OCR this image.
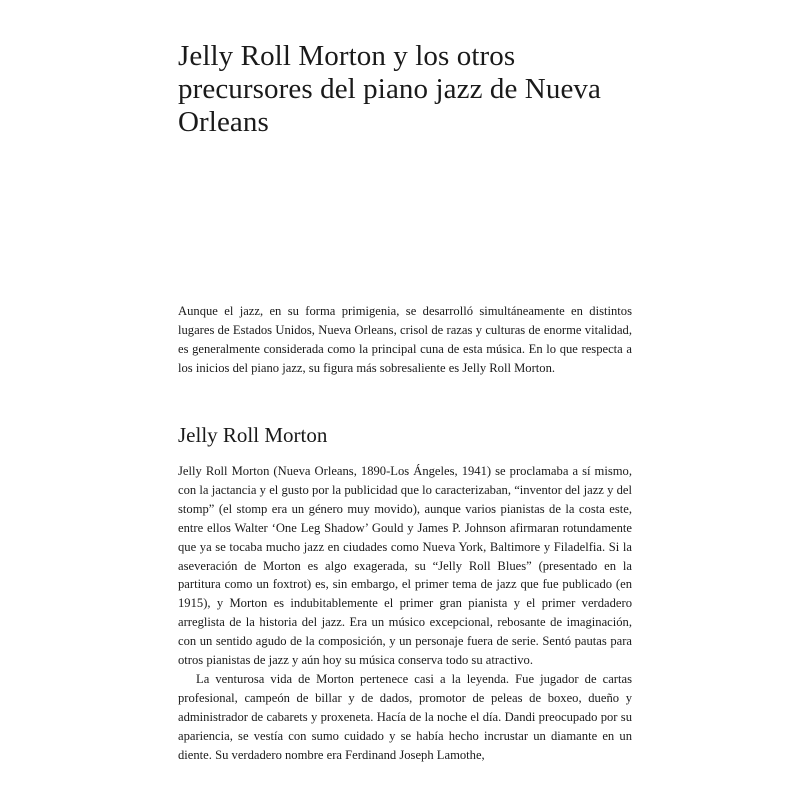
Jelly Roll Morton y los otros precursores del piano jazz de Nueva Orleans

Aunque el jazz, en su forma primigenia, se desarrolló simultáneamente en distintos lugares de Estados Unidos, Nueva Orleans, crisol de razas y culturas de enorme vitalidad, es generalmente considerada como la principal cuna de esta música. En lo que respecta a los inicios del piano jazz, su figura más sobresaliente es Jelly Roll Morton.

Jelly Roll Morton

Jelly Roll Morton (Nueva Orleans, 1890-Los Ángeles, 1941) se proclamaba a sí mismo, con la jactancia y el gusto por la publicidad que lo caracterizaban, “inventor del jazz y del stomp” (el stomp era un género muy movido), aunque varios pianistas de la costa este, entre ellos Walter ‘One Leg Shadow’ Gould y James P. Johnson afirmaran rotundamente que ya se tocaba mucho jazz en ciudades como Nueva York, Baltimore y Filadelfia. Si la aseveración de Morton es algo exagerada, su “Jelly Roll Blues” (presentado en la partitura como un foxtrot) es, sin embargo, el primer tema de jazz que fue publicado (en 1915), y Morton es indubitablemente el primer gran pianista y el primer verdadero arreglista de la historia del jazz. Era un músico excepcional, rebosante de imaginación, con un sentido agudo de la composición, y un personaje fuera de serie. Sentó pautas para otros pianistas de jazz y aún hoy su música conserva todo su atractivo.

La venturosa vida de Morton pertenece casi a la leyenda. Fue jugador de cartas profesional, campeón de billar y de dados, promotor de peleas de boxeo, dueño y administrador de cabarets y proxeneta. Hacía de la noche el día. Dandi preocupado por su apariencia, se vestía con sumo cuidado y se había hecho incrustar un diamante en un diente. Su verdadero nombre era Ferdinand Joseph Lamothe,
